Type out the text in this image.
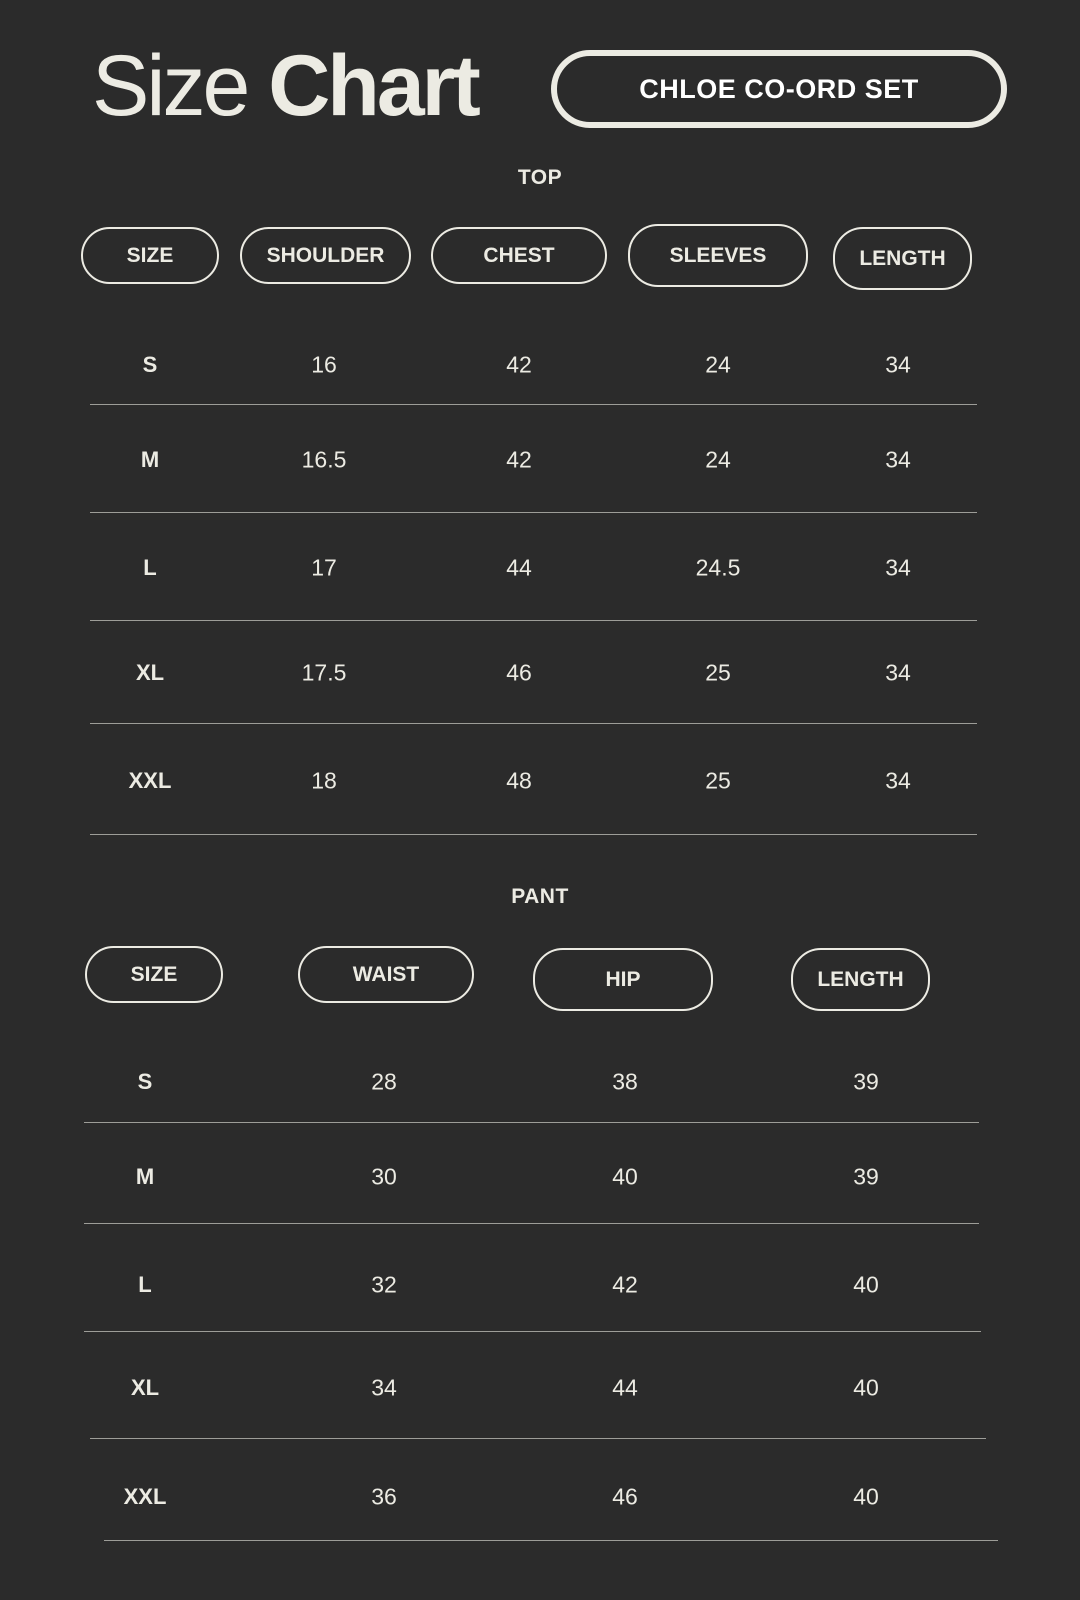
Size Chart	CHLOE CO-ORD SET
TOP
SIZE	SHOULDER	CHEST	SLEEVES	LENGTH
S	16	42	24	34
M	16.5	42	24	34
L	17	44	24.5	34
XL	17.5	46	25	34
XXL	18	48	25	34
PANT
SIZE	WAIST	HIP	LENGTH
S	28	38	39
M	30	40	39
L	32	42	40
XL	34	44	40
XXL	36	46	40
